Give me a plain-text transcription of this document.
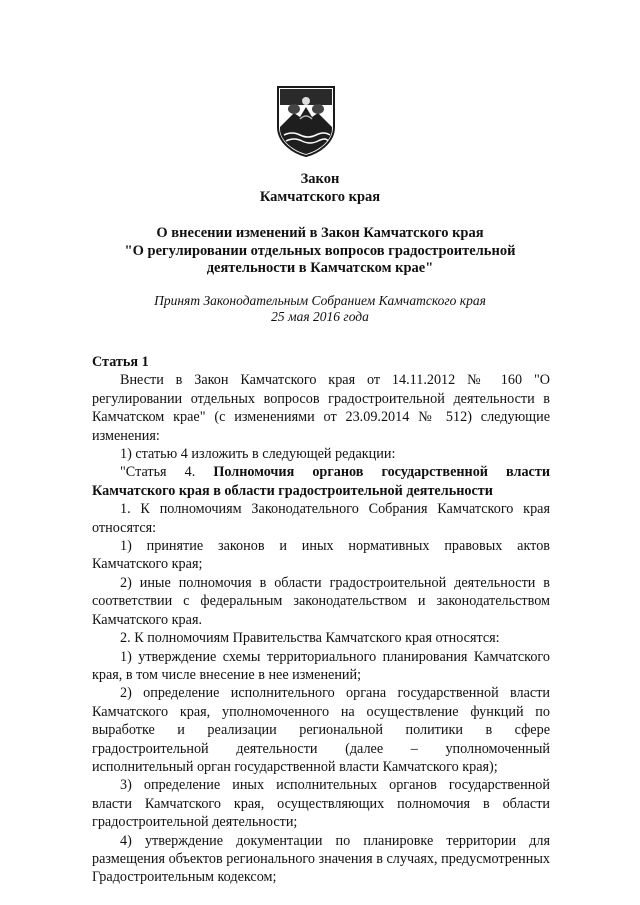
Закон
Камчатского края
О внесении изменений в Закон Камчатского края
"О регулировании отдельных вопросов градостроительной
деятельности в Камчатском крае"
Принят Законодательным Собранием Камчатского края
25 мая 2016 года

Статья 1

Внести в Закон Камчатского края от 14.11.2012 № 160 "О регулировании отдельных вопросов градостроительной деятельности в Камчатском крае" (с изменениями от 23.09.2014 № 512) следующие изменения:

1) статью 4 изложить в следующей редакции:

"Статья 4. Полномочия органов государственной власти Камчатского края в области градостроительной деятельности

1. К полномочиям Законодательного Собрания Камчатского края относятся:

1) принятие законов и иных нормативных правовых актов Камчатского края;

2) иные полномочия в области градостроительной деятельности в соответствии с федеральным законодательством и законодательством Камчатского края.

2. К полномочиям Правительства Камчатского края относятся:

1) утверждение схемы территориального планирования Камчатского края, в том числе внесение в нее изменений;

2) определение исполнительного органа государственной власти Камчатского края, уполномоченного на осуществление функций по выработке и реализации региональной политики в сфере градостроительной деятельности (далее – уполномоченный исполнительный орган государственной власти Камчатского края);

3) определение иных исполнительных органов государственной власти Камчатского края, осуществляющих полномочия в области градостроительной деятельности;

4) утверждение документации по планировке территории для размещения объектов регионального значения в случаях, предусмотренных Градостроительным кодексом;
